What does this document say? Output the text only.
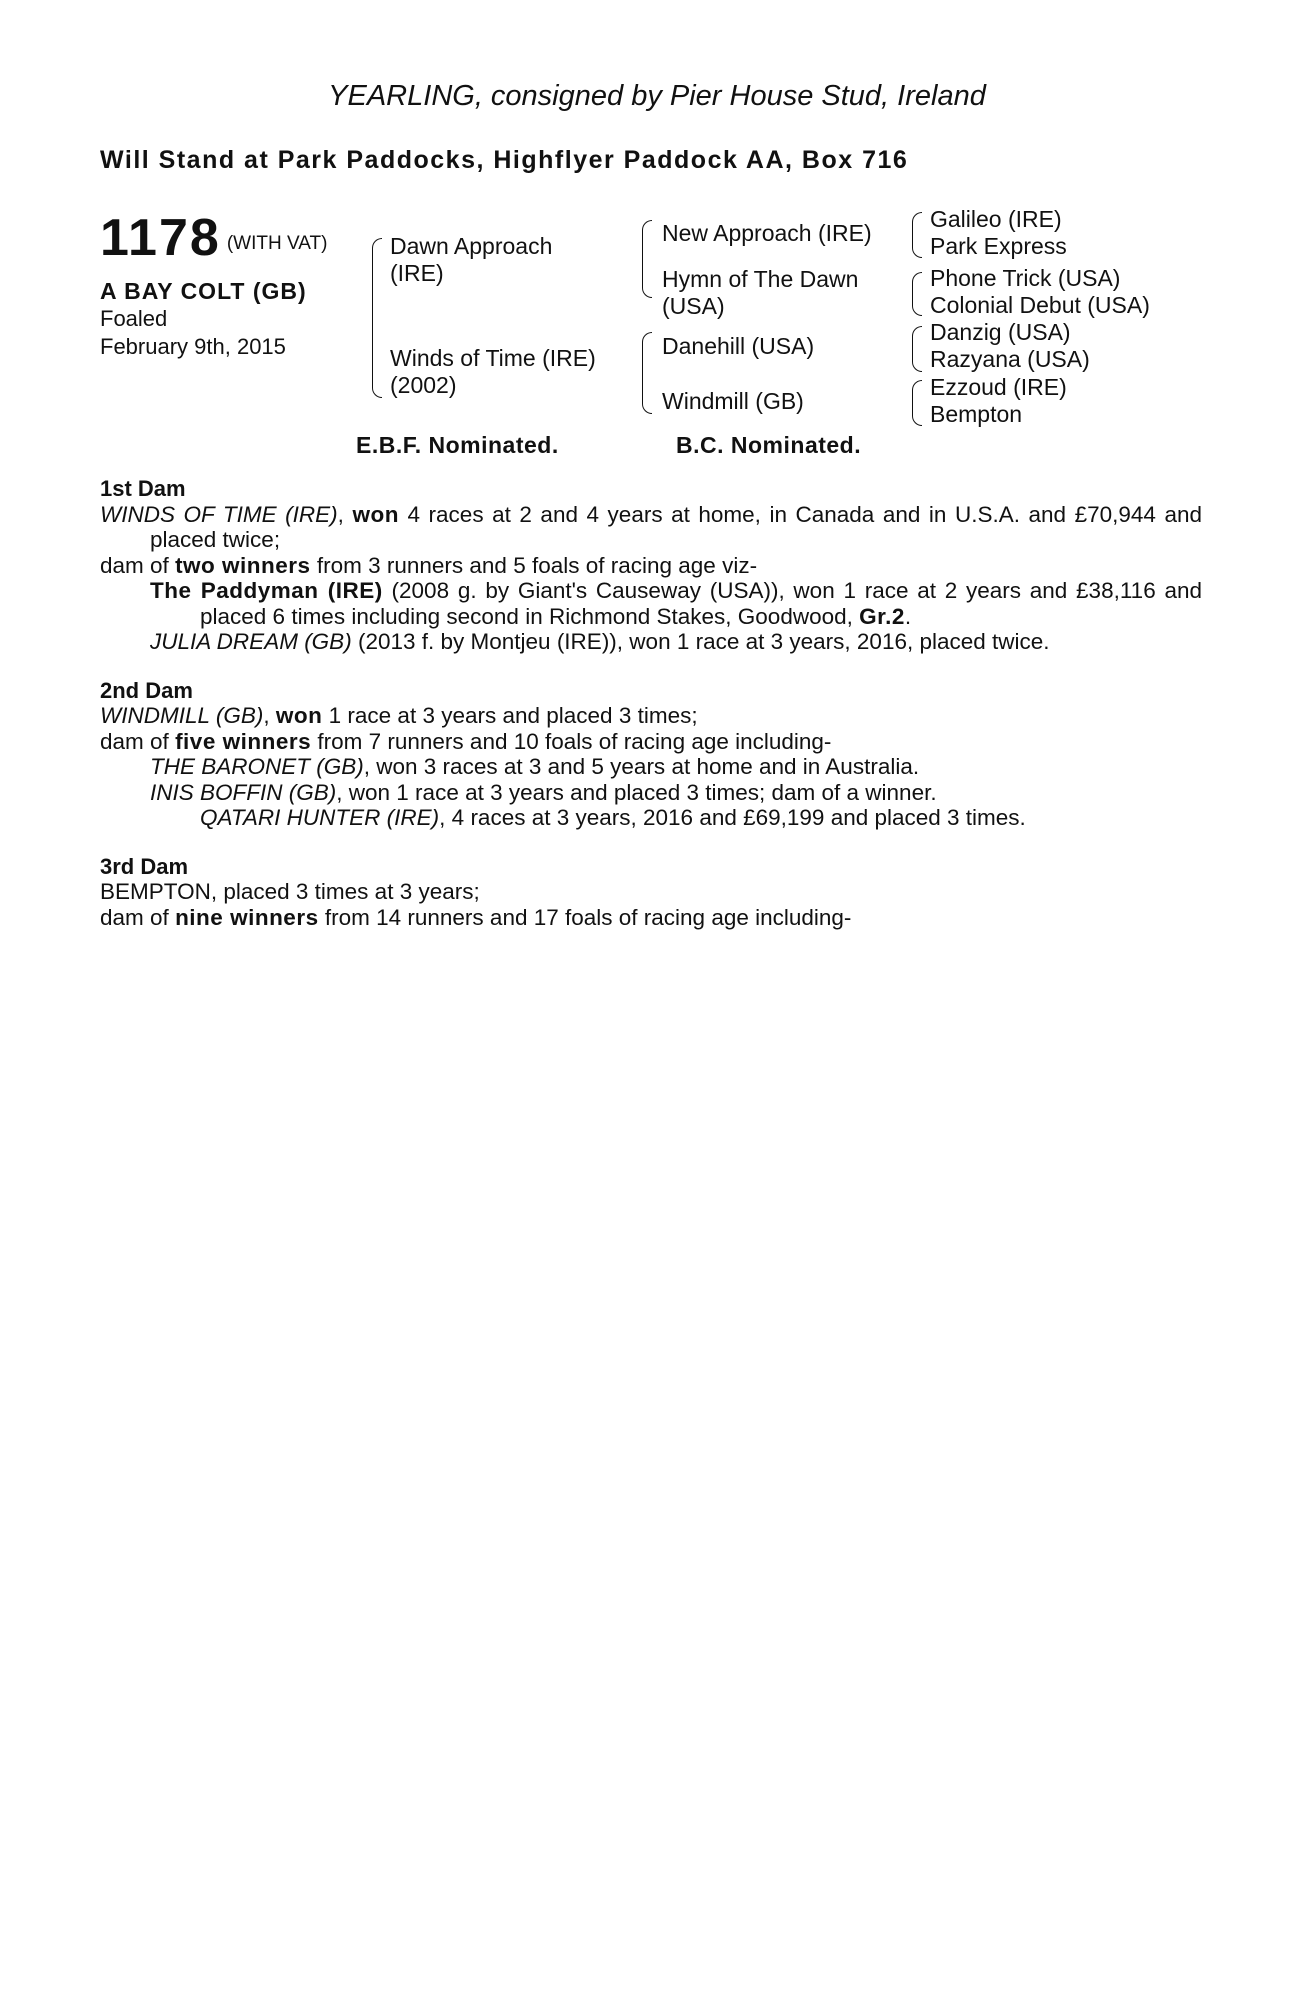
YEARLING, consigned by Pier House Stud, Ireland
Will Stand at Park Paddocks, Highflyer Paddock AA, Box 716
1178 (WITH VAT)
A BAY COLT (GB)
Foaled
February 9th, 2015
Dawn Approach
(IRE)
Winds of Time (IRE)
(2002)
New Approach (IRE)
Hymn of The Dawn
(USA)
Danehill (USA)
Windmill (GB)
Galileo (IRE)
Park Express
Phone Trick (USA)
Colonial Debut (USA)
Danzig (USA)
Razyana (USA)
Ezzoud (IRE)
Bempton
E.B.F. Nominated.	B.C. Nominated.

1st Dam

WINDS OF TIME (IRE), won 4 races at 2 and 4 years at home, in Canada and in U.S.A. and £70,944 and placed twice;

dam of two winners from 3 runners and 5 foals of racing age viz-

The Paddyman (IRE) (2008 g. by Giant's Causeway (USA)), won 1 race at 2 years and £38,116 and placed 6 times including second in Richmond Stakes, Goodwood, Gr.2.

JULIA DREAM (GB) (2013 f. by Montjeu (IRE)), won 1 race at 3 years, 2016, placed twice.

2nd Dam

WINDMILL (GB), won 1 race at 3 years and placed 3 times;

dam of five winners from 7 runners and 10 foals of racing age including-

THE BARONET (GB), won 3 races at 3 and 5 years at home and in Australia.

INIS BOFFIN (GB), won 1 race at 3 years and placed 3 times; dam of a winner.

QATARI HUNTER (IRE), 4 races at 3 years, 2016 and £69,199 and placed 3 times.

3rd Dam

BEMPTON, placed 3 times at 3 years;

dam of nine winners from 14 runners and 17 foals of racing age including-
